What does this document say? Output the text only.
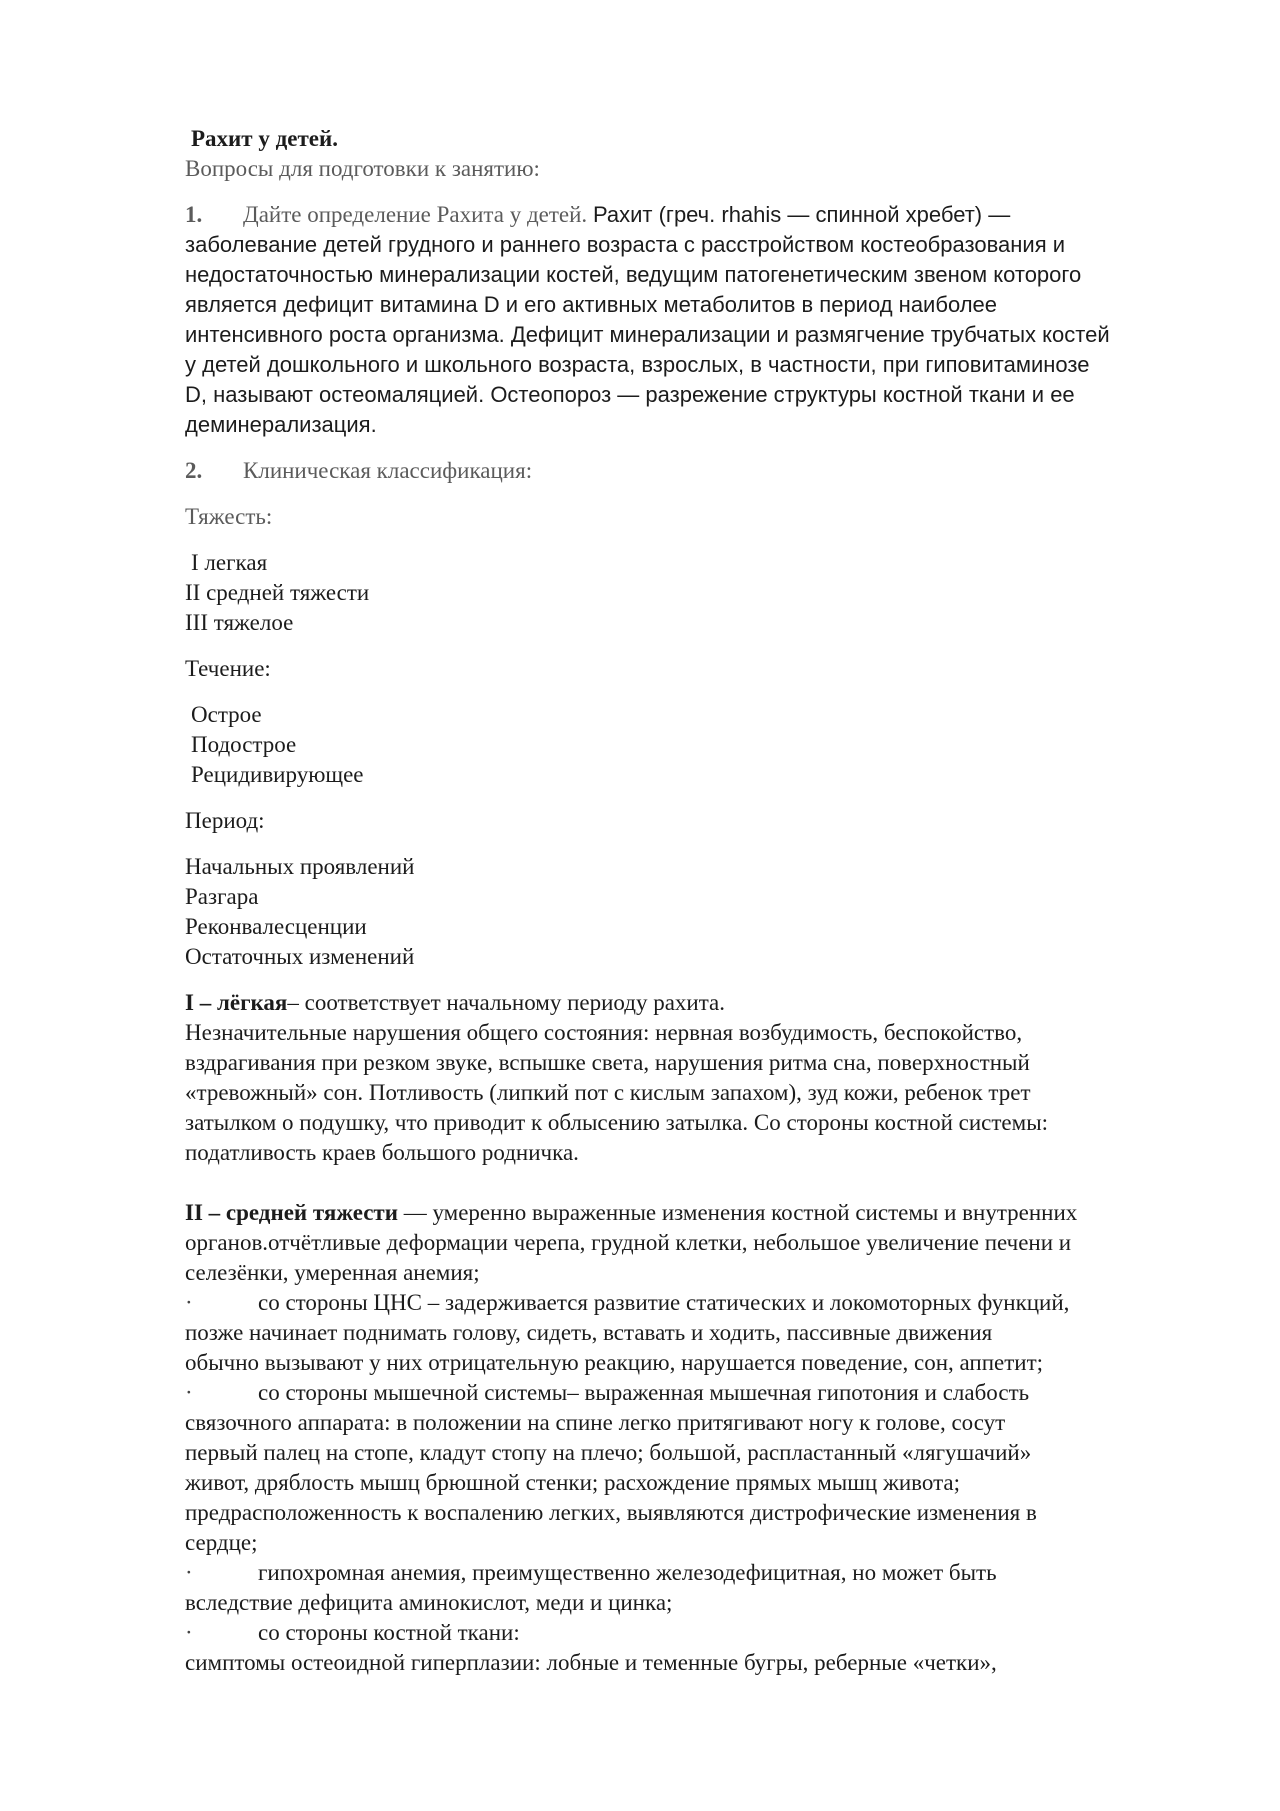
Рахит у детей.

Вопросы для подготовки к занятию:

1. Дайте определение Рахита у детей. Рахит (греч. rhahis — спинной хребет) —

заболевание детей грудного и раннего возраста с расстройством костеобразования и

недостаточностью минерализации костей, ведущим патогенетическим звеном которого

является дефицит витамина D и его активных метаболитов в период наиболее

интенсивного роста организма. Дефицит минерализации и размягчение трубчатых костей

у детей дошкольного и школьного возраста, взрослых, в частности, при гиповитаминозе

D, называют остеомаляцией. Остеопороз — разрежение структуры костной ткани и ее

деминерализация.

2. Клиническая классификация:

Тяжесть:

I легкая

II средней тяжести

III тяжелое

Течение:

Острое

Подострое

Рецидивирующее

Период:

Начальных проявлений

Разгара

Реконвалесценции

Остаточных изменений

I – лёгкая– соответствует начальному периоду рахита.

Незначительные нарушения общего состояния: нервная возбудимость, беспокойство,

вздрагивания при резком звуке, вспышке света, нарушения ритма сна, поверхностный

«тревожный» сон. Потливость (липкий пот с кислым запахом), зуд кожи, ребенок трет

затылком о подушку, что приводит к облысению затылка. Со стороны костной системы:

податливость краев большого родничка.

II – средней тяжести — умеренно выраженные изменения костной системы и внутренних

органов.отчётливые деформации черепа, грудной клетки, небольшое увеличение печени и

селезёнки, умеренная анемия;

·	со стороны ЦНС – задерживается развитие статических и локомоторных функций,

позже начинает поднимать голову, сидеть, вставать и ходить, пассивные движения

обычно вызывают у них отрицательную реакцию, нарушается поведение, сон, аппетит;

·	со стороны мышечной системы– выраженная мышечная гипотония и слабость

связочного аппарата: в положении на спине легко притягивают ногу к голове, сосут

первый палец на стопе, кладут стопу на плечо; большой, распластанный «лягушачий»

живот, дряблость мышц брюшной стенки; расхождение прямых мышц живота;

предрасположенность к воспалению легких, выявляются дистрофические изменения в

сердце;

·	гипохромная анемия, преимущественно железодефицитная, но может быть

вследствие дефицита аминокислот, меди и цинка;

·	со стороны костной ткани:

симптомы остеоидной гиперплазии: лобные и теменные бугры, реберные «четки»,
